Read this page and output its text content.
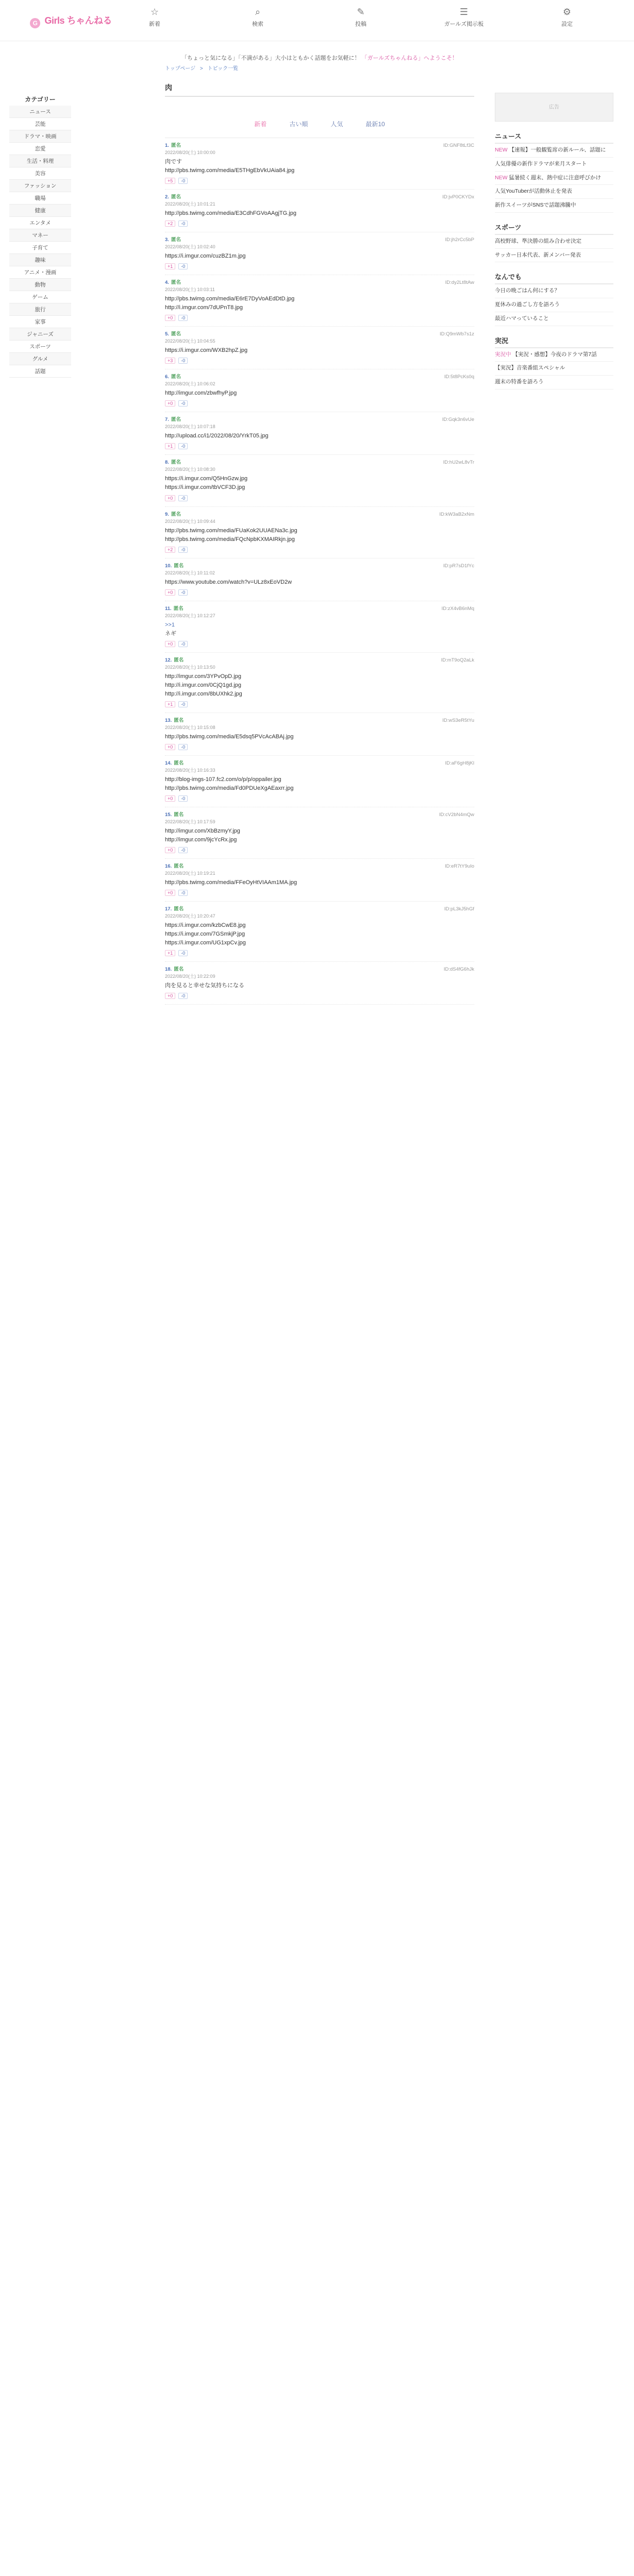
G Girls ちゃんねる
☆
新着
⌕
検索
✎
投稿
☰
ガールズ掲示板
⚙
設定
「ちょっと気になる」「不満がある」大小はともかく話題をお気軽に！ 「ガールズちゃんねる」へようこそ！
トップページ > トピック一覧
カテゴリー
ニュース
芸能
ドラマ・映画
恋愛
生活・料理
美容
ファッション
職場
健康
エンタメ
マネー
子育て
趣味
アニメ・漫画
動物
ゲーム
旅行
家事
ジャニーズ
スポーツ
グルメ
話題
肉
新着	古い順	人気	最新10
1. 匿名	ID:GNF8tLf3C
2022/08/20(土) 10:00:00
肉です
http://pbs.twimg.com/media/E5THgEbVkUAia84.jpg
+5	-0
2. 匿名	ID:jvP0CKYDx
2022/08/20(土) 10:01:21
http://pbs.twimg.com/media/E3CdhFGVoAAgjTG.jpg
+2	-0
3. 匿名	ID:jh2rCc5bP
2022/08/20(土) 10:02:40
https://i.imgur.com/cuzBZ1m.jpg
+1	-0
4. 匿名	ID:dy2Lt8tAw
2022/08/20(土) 10:03:11
http://pbs.twimg.com/media/E6rE7DyVoAEdDtD.jpg
http://i.imgur.com/7dUPnT8.jpg
+0	-0
5. 匿名	ID:Q9mWb7s1z
2022/08/20(土) 10:04:55
https://i.imgur.com/WXB2hpZ.jpg
+3	-0
6. 匿名	ID:5t8PcKs0q
2022/08/20(土) 10:06:02
http://imgur.com/zbwfhyP.jpg
+0	-0
7. 匿名	ID:Gqk3n6vUe
2022/08/20(土) 10:07:18
http://upload.cc/i1/2022/08/20/YrkT05.jpg
+1	-0
8. 匿名	ID:hU2wL8vTr
2022/08/20(土) 10:08:30
https://i.imgur.com/Q5HnGzw.jpg
https://i.imgur.com/tbVCF3D.jpg
+0	-0
9. 匿名	ID:kW3aB2xNm
2022/08/20(土) 10:09:44
http://pbs.twimg.com/media/FUaKok2UUAENa3c.jpg
http://pbs.twimg.com/media/FQcNpbKXMAIRkjn.jpg
+2	-0
10. 匿名	ID:pR7sD1fYc
2022/08/20(土) 10:11:02
https://www.youtube.com/watch?v=ULz8xEoVD2w
+0	-0
11. 匿名	ID:zX4vB6nMq
2022/08/20(土) 10:12:27
>>1
ネギ
+0	-0
12. 匿名	ID:mT9oQ2aLk
2022/08/20(土) 10:13:50
http://imgur.com/3YPvOpD.jpg
http://i.imgur.com/0CjQ1gd.jpg
http://i.imgur.com/8bUXhk2.jpg
+1	-0
13. 匿名	ID:wS3eR5tYu
2022/08/20(土) 10:15:08
http://pbs.twimg.com/media/E5dsq5PVcAcABAj.jpg
+0	-0
14. 匿名	ID:aF6gH8jKl
2022/08/20(土) 10:16:33
http://blog-imgs-107.fc2.com/o/p/p/oppailer.jpg
http://pbs.twimg.com/media/Fd0PDUeXgAEaxrr.jpg
+0	-0
15. 匿名	ID:cV2bN4mQw
2022/08/20(土) 10:17:59
http://imgur.com/XbBzmyY.jpg
http://imgur.com/9jcYcRx.jpg
+0	-0
16. 匿名	ID:eR7tY9uIo
2022/08/20(土) 10:19:21
http://pbs.twimg.com/media/FFeOyHtVIAAm1MA.jpg
+0	-0
17. 匿名	ID:pL3kJ5hGf
2022/08/20(土) 10:20:47
https://i.imgur.com/kzbCwE8.jpg
https://i.imgur.com/7GSmkjP.jpg
https://i.imgur.com/UG1xpCv.jpg
+1	-0
18. 匿名	ID:dS4fG6hJk
2022/08/20(土) 10:22:09
肉を見ると幸せな気持ちになる
+0	-0
広告
ニュース
NEW 【速報】一般観覧席の新ルール、話題に
人気俳優の新作ドラマが来月スタート
NEW 猛暑続く週末、熱中症に注意呼びかけ
人気YouTuberが活動休止を発表
新作スイーツがSNSで話題沸騰中
スポーツ
高校野球、準決勝の組み合わせ決定
サッカー日本代表、新メンバー発表
なんでも
今日の晩ごはん何にする？
夏休みの過ごし方を語ろう
最近ハマっていること
実況
実況中 【実況・感想】今夜のドラマ第7話
【実況】音楽番組スペシャル
週末の特番を語ろう
